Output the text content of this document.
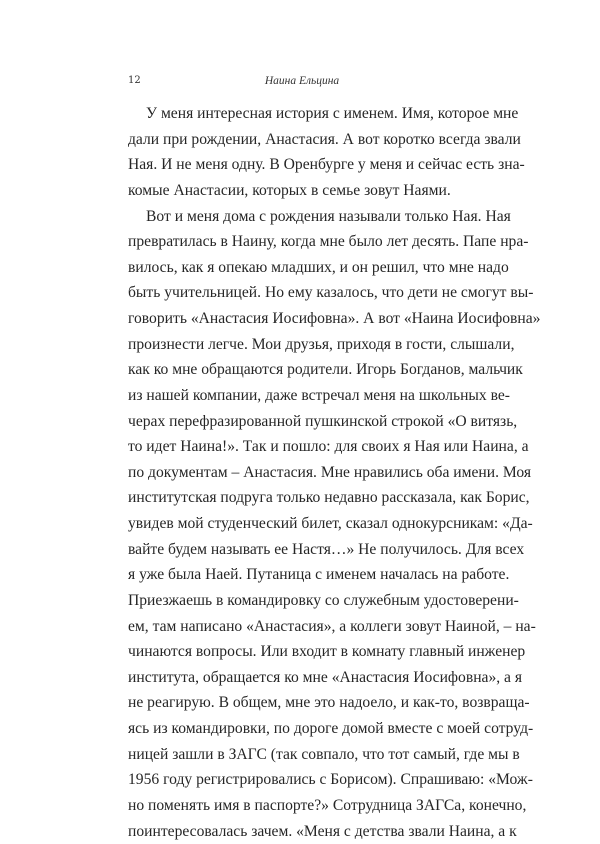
12	Наина Ельцина
У меня интересная история с именем. Имя, которое мне
дали при рождении, Анастасия. А вот коротко всегда звали
Ная. И не меня одну. В Оренбурге у меня и сейчас есть зна-
комые Анастасии, которых в семье зовут Наями.
Вот и меня дома с рождения называли только Ная. Ная
превратилась в Наину, когда мне было лет десять. Папе нра-
вилось, как я опекаю младших, и он решил, что мне надо
быть учительницей. Но ему казалось, что дети не смогут вы-
говорить «Анастасия Иосифовна». А вот «Наина Иосифовна»
произнести легче. Мои друзья, приходя в гости, слышали,
как ко мне обращаются родители. Игорь Богданов, мальчик
из нашей компании, даже встречал меня на школьных ве-
черах перефразированной пушкинской строкой «О витязь,
то идет Наина!». Так и пошло: для своих я Ная или Наина, а
по документам – Анастасия. Мне нравились оба имени. Моя
институтская подруга только недавно рассказала, как Борис,
увидев мой студенческий билет, сказал однокурсникам: «Да-
вайте будем называть ее Настя…» Не получилось. Для всех
я уже была Наей. Путаница с именем началась на работе.
Приезжаешь в командировку со служебным удостоверени-
ем, там написано «Анастасия», а коллеги зовут Наиной, – на-
чинаются вопросы. Или входит в комнату главный инженер
института, обращается ко мне «Анастасия Иосифовна», а я
не реагирую. В общем, мне это надоело, и как-то, возвраща-
ясь из командировки, по дороге домой вместе с моей сотруд-
ницей зашли в ЗАГС (так совпало, что тот самый, где мы в
1956 году регистрировались с Борисом). Спрашиваю: «Мож-
но поменять имя в паспорте?» Сотрудница ЗАГСа, конечно,
поинтересовалась зачем. «Меня с детства звали Наина, а к
